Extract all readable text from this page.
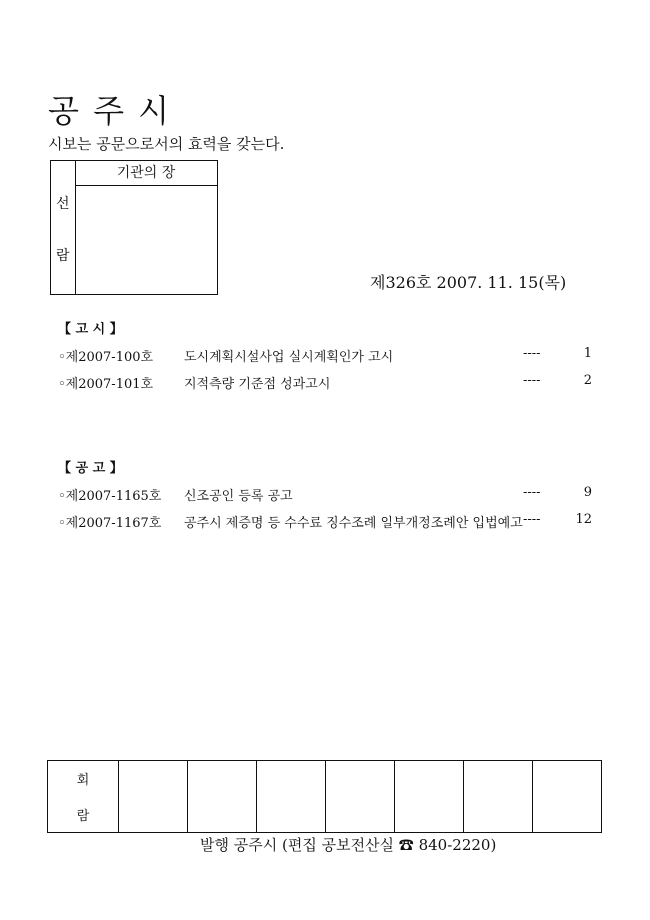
공 주 시
시보는 공문으로서의 효력을 갖는다.
선
람
기관의 장
제326호 2007. 11. 15(목)
【 고 시 】
◦제2007-100호 도시계획시설사업 실시계획인가 고시	----	1
◦제2007-101호 지적측량 기준점 성과고시	----	2
【 공 고 】
◦제2007-1165호 신조공인 등록 공고	----	9
◦제2007-1167호 공주시 제증명 등 수수료 징수조례 일부개정조례안 입법예고 ----	12
회
람
발행 공주시 (편집 공보전산실 ☎ 840-2220)
